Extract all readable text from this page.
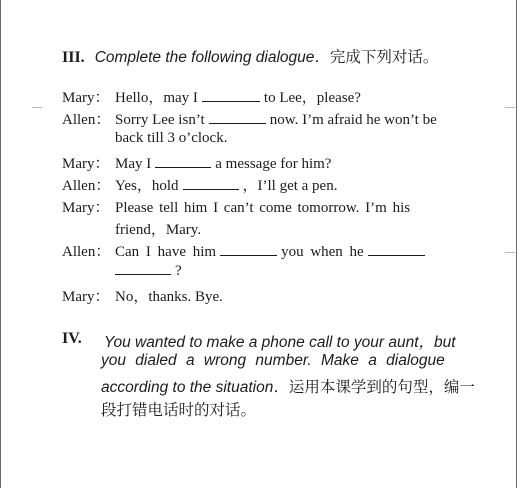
III. Complete the following dialogue．完成下列对话。
Mary： Hello，may I	to Lee，please?
Allen： Sorry Lee isn’t	now. I’m afraid he won’t be
back till 3 o’clock.
Mary： May I	a message for him?
Allen： Yes，hold	，I’ll get a pen.
Mary： Please tell him I can’t come tomorrow. I’m his
friend，Mary.
Allen： Can I have him	you when he
?
Mary： No，thanks. Bye.
IV. You wanted to make a phone call to your aunt，but
you dialed a wrong number. Make a dialogue
according to the situation．运用本课学到的句型，编一
段打错电话时的对话。
